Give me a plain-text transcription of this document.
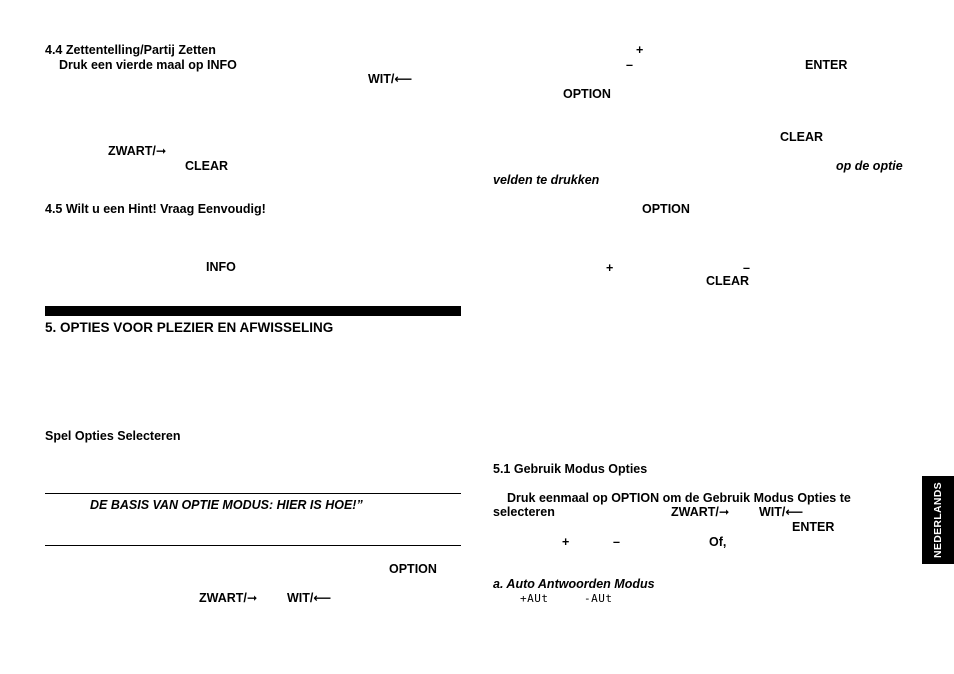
4.4 Zettentelling/Partij Zetten
Druk een vierde maal op INFO
WIT/⟵
ZWART/➞
CLEAR
4.5 Wilt u een Hint! Vraag Eenvoudig!
INFO
5. OPTIES VOOR PLEZIER EN AFWISSELING
Spel Opties Selecteren
DE BASIS VAN OPTIE MODUS: HIER IS HOE!”
OPTION
ZWART/➞ WIT/⟵
+
–	ENTER
OPTION
CLEAR
op de optie
velden te drukken
OPTION
+	–
CLEAR
5.1 Gebruik Modus Opties
Druk eenmaal op OPTION om de Gebruik Modus Opties te
selecteren	ZWART/➞ WIT/⟵
ENTER
+	–	Of,
a. Auto Antwoorden Modus
+AUt	-AUt
NEDERLANDS
